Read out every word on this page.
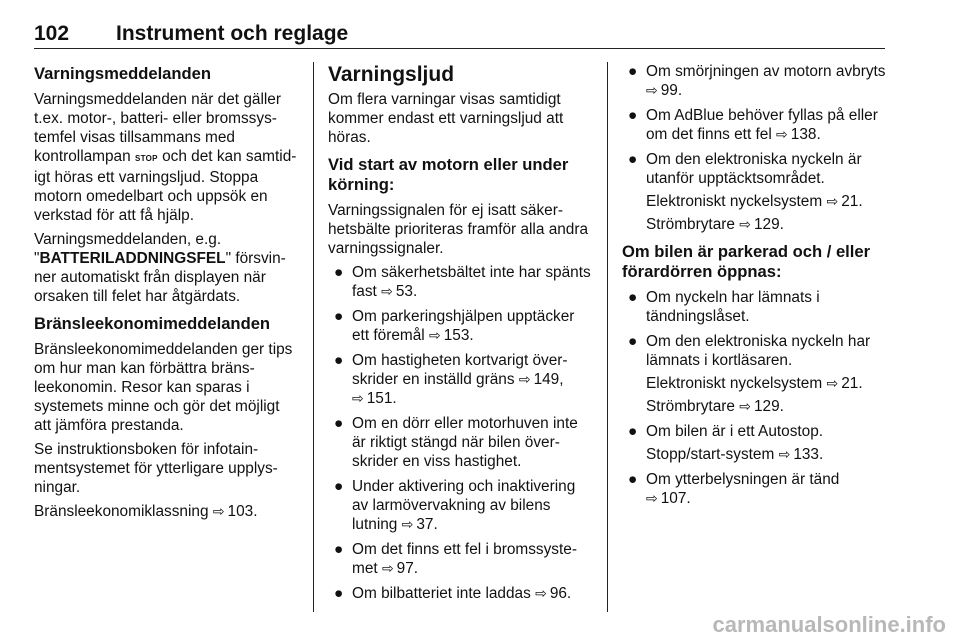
102 Instrument och reglage
Varningsmeddelanden

Varningsmeddelanden när det gäller t.ex. motor-, batteri- eller bromssys-temfel visas tillsammans med kontrollampan STOP och det kan samtid-igt höras ett varningsljud. Stoppa motorn omedelbart och uppsök en verkstad för att få hjälp.

Varningsmeddelanden, e.g.
"BATTERILADDNINGSFEL" försvin-ner automatiskt från displayen när orsaken till felet har åtgärdats.

Bränsleekonomimeddelanden

Bränsleekonomimeddelanden ger tips om hur man kan förbättra bräns-leekonomin. Resor kan sparas i systemets minne och gör det möjligt att jämföra prestanda.

Se instruktionsboken för infotain-mentsystemet för ytterligare upplys-ningar.

Bränsleekonomiklassning ⇨ 103.

Varningsljud

Om flera varningar visas samtidigt kommer endast ett varningsljud att höras.

Vid start av motorn eller under körning:

Varningssignalen för ej isatt säker-hetsbälte prioriteras framför alla andra varningssignaler.

● Om säkerhetsbältet inte har spänts fast ⇨ 53.
● Om parkeringshjälpen upptäcker ett föremål ⇨ 153.
● Om hastigheten kortvarigt över-skrider en inställd gräns ⇨ 149,
⇨ 151.
● Om en dörr eller motorhuven inte är riktigt stängd när bilen över-skrider en viss hastighet.
● Under aktivering och inaktivering av larmövervakning av bilens lutning ⇨ 37.
● Om det finns ett fel i bromssyste-met ⇨ 97.
● Om bilbatteriet inte laddas ⇨ 96.
● Om smörjningen av motorn avbryts ⇨ 99.
● Om AdBlue behöver fyllas på eller om det finns ett fel ⇨ 138.
● Om den elektroniska nyckeln är utanför upptäcktsområdet.

Elektroniskt nyckelsystem ⇨ 21.

Strömbrytare ⇨ 129.

Om bilen är parkerad och / eller förardörren öppnas:
● Om nyckeln har lämnats i tändningslåset.
● Om den elektroniska nyckeln har lämnats i kortläsaren.

Elektroniskt nyckelsystem ⇨ 21.

Strömbrytare ⇨ 129.

● Om bilen är i ett Autostop.

Stopp/start-system ⇨ 133.

● Om ytterbelysningen är tänd
⇨ 107.
carmanualsonline.info
